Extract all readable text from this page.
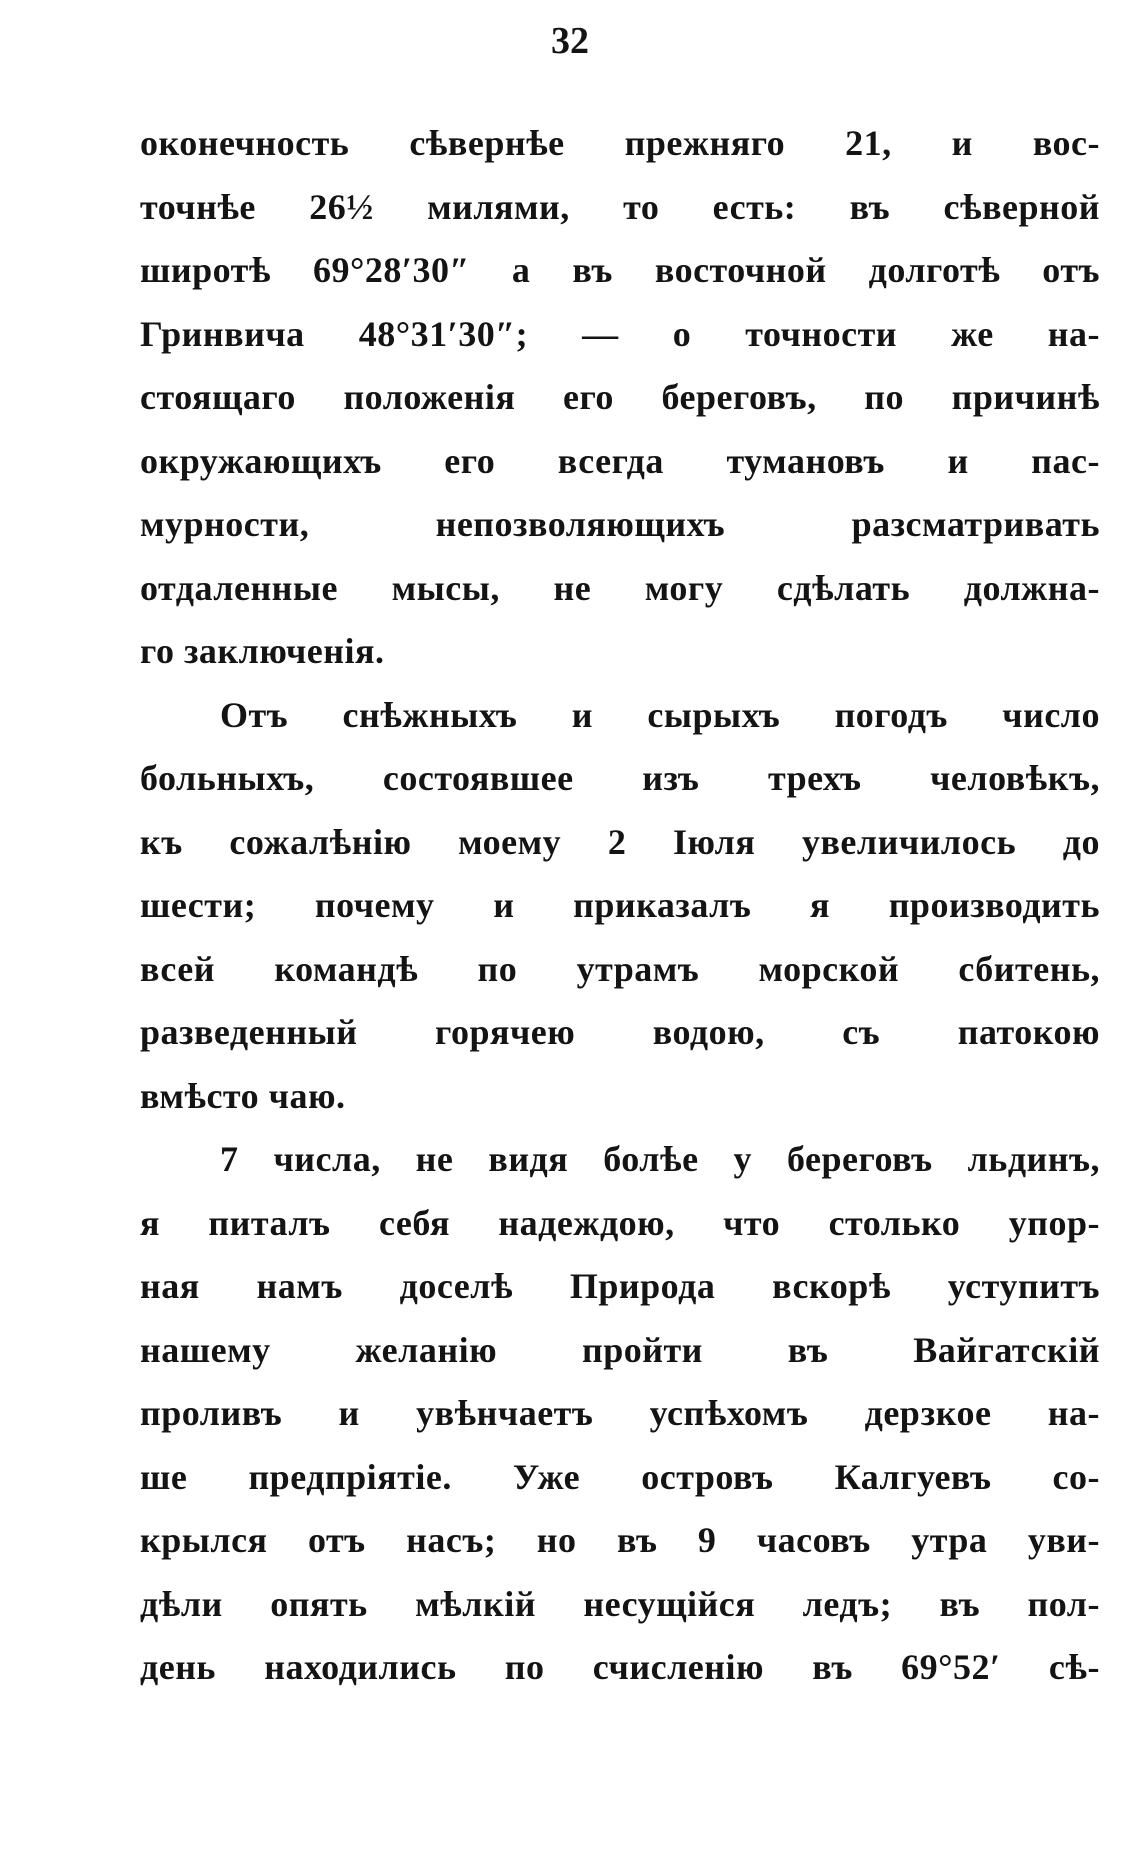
32
оконечность сѣвернѣе прежняго 21, и вос-
точнѣе 26½ милями, то есть: въ сѣверной
широтѣ 69°28′30″ а въ восточной долготѣ отъ
Гринвича 48°31′30″; — о точности же на-
стоящаго положенія его береговъ, по причинѣ
окружающихъ его всегда тумановъ и пас-
мурности, непозволяющихъ разсматривать
отдаленные мысы, не могу сдѣлать должна-
го заключенія.
Отъ снѣжныхъ и сырыхъ погодъ число
больныхъ, состоявшее изъ трехъ человѣкъ,
къ сожалѣнію моему 2 Іюля увеличилось до
шести; почему и приказалъ я производить
всей командѣ по утрамъ морской сбитень,
разведенный горячею водою, съ патокою
вмѣсто чаю.
7 числа, не видя болѣе у береговъ льдинъ,
я питалъ себя надеждою, что столько упор-
ная намъ доселѣ Природа вскорѣ уступитъ
нашему желанію пройти въ Вайгатскій
проливъ и увѣнчаетъ успѣхомъ дерзкое на-
ше предпріятіе. Уже островъ Калгуевъ со-
крылся отъ насъ; но въ 9 часовъ утра уви-
дѣли опять мѣлкій несущійся ледъ; въ пол-
день находились по счисленію въ 69°52′ сѣ-
